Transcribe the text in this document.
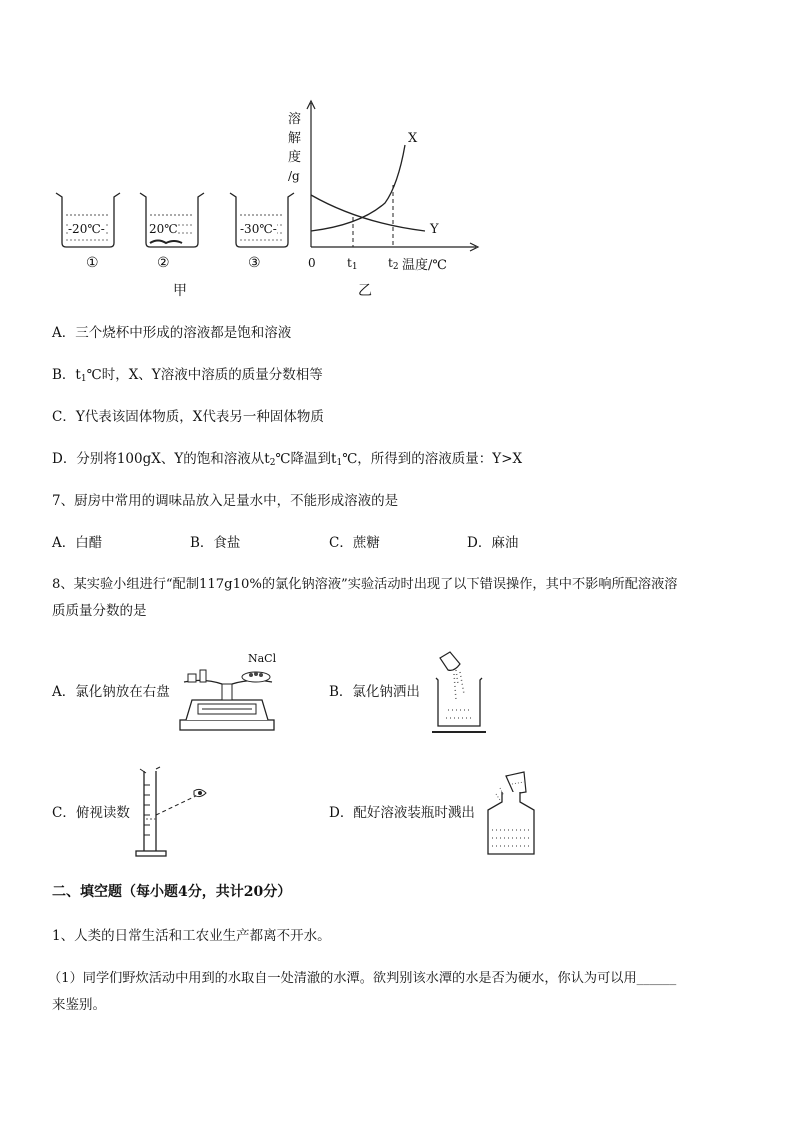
-20℃-	20℃	-30℃-
①	②	③
甲
溶
解
度
/g
X
Y
0	t1	t2 温度/℃
乙
A．三个烧杯中形成的溶液都是饱和溶液
B．t1℃时，X、Y溶液中溶质的质量分数相等
C．Y代表该固体物质，X代表另一种固体物质
D．分别将100gX、Y的饱和溶液从t2℃降温到t1℃，所得到的溶液质量：Y>X
7、厨房中常用的调味品放入足量水中，不能形成溶液的是
A．白醋	B．食盐	C．蔗糖	D．麻油
8、某实验小组进行“配制117g10%的氯化钠溶液”实验活动时出现了以下错误操作，其中不影响所配溶液溶
质质量分数的是
A．氯化钠放在右盘
NaCl
B．氯化钠洒出
C．俯视读数	D．配好溶液装瓶时溅出
二、填空题（每小题4分，共计20分）
1、人类的日常生活和工农业生产都离不开水。
（1）同学们野炊活动中用到的水取自一处清澈的水潭。欲判别该水潭的水是否为硬水，你认为可以用______
来鉴别。
